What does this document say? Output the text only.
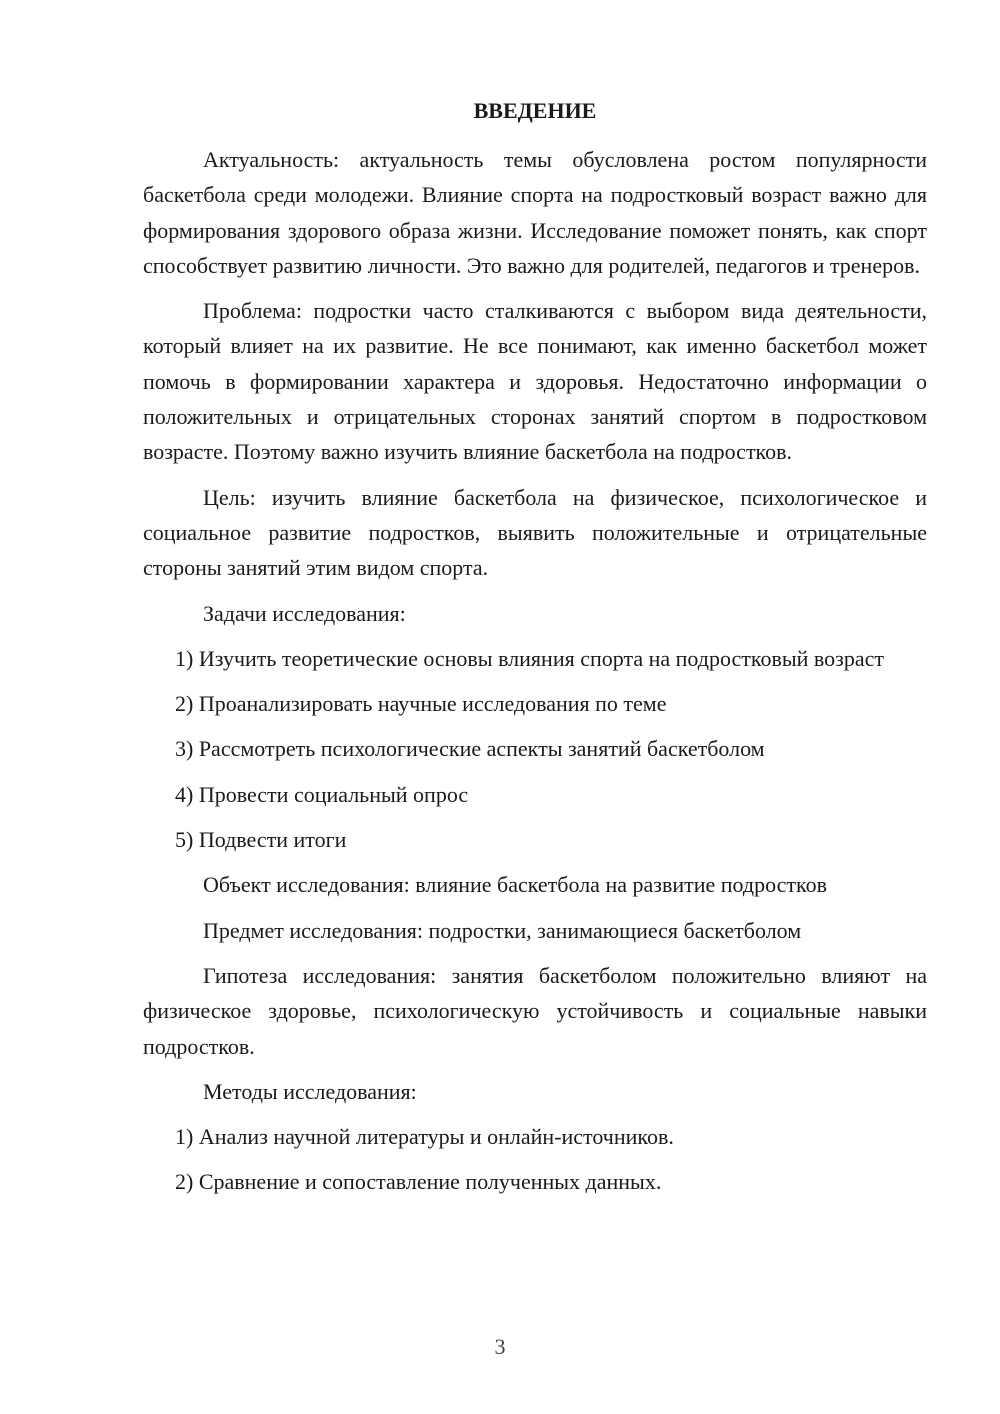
ВВЕДЕНИЕ

Актуальность: актуальность темы обусловлена ростом популярности баскетбола среди молодежи. Влияние спорта на подростковый возраст важно для формирования здорового образа жизни. Исследование поможет понять, как спорт способствует развитию личности. Это важно для родителей, педагогов и тренеров.

Проблема: подростки часто сталкиваются с выбором вида деятельности, который влияет на их развитие. Не все понимают, как именно баскетбол может помочь в формировании характера и здоровья. Недостаточно информации о положительных и отрицательных сторонах занятий спортом в подростковом возрасте. Поэтому важно изучить влияние баскетбола на подростков.

Цель: изучить влияние баскетбола на физическое, психологическое и социальное развитие подростков, выявить положительные и отрицательные стороны занятий этим видом спорта.

Задачи исследования:

1) Изучить теоретические основы влияния спорта на подростковый возраст

2) Проанализировать научные исследования по теме

3) Рассмотреть психологические аспекты занятий баскетболом

4) Провести социальный опрос

5) Подвести итоги

Объект исследования: влияние баскетбола на развитие подростков

Предмет исследования: подростки, занимающиеся баскетболом

Гипотеза исследования: занятия баскетболом положительно влияют на физическое здоровье, психологическую устойчивость и социальные навыки подростков.

Методы исследования:

1) Анализ научной литературы и онлайн-источников.

2) Сравнение и сопоставление полученных данных.

3
